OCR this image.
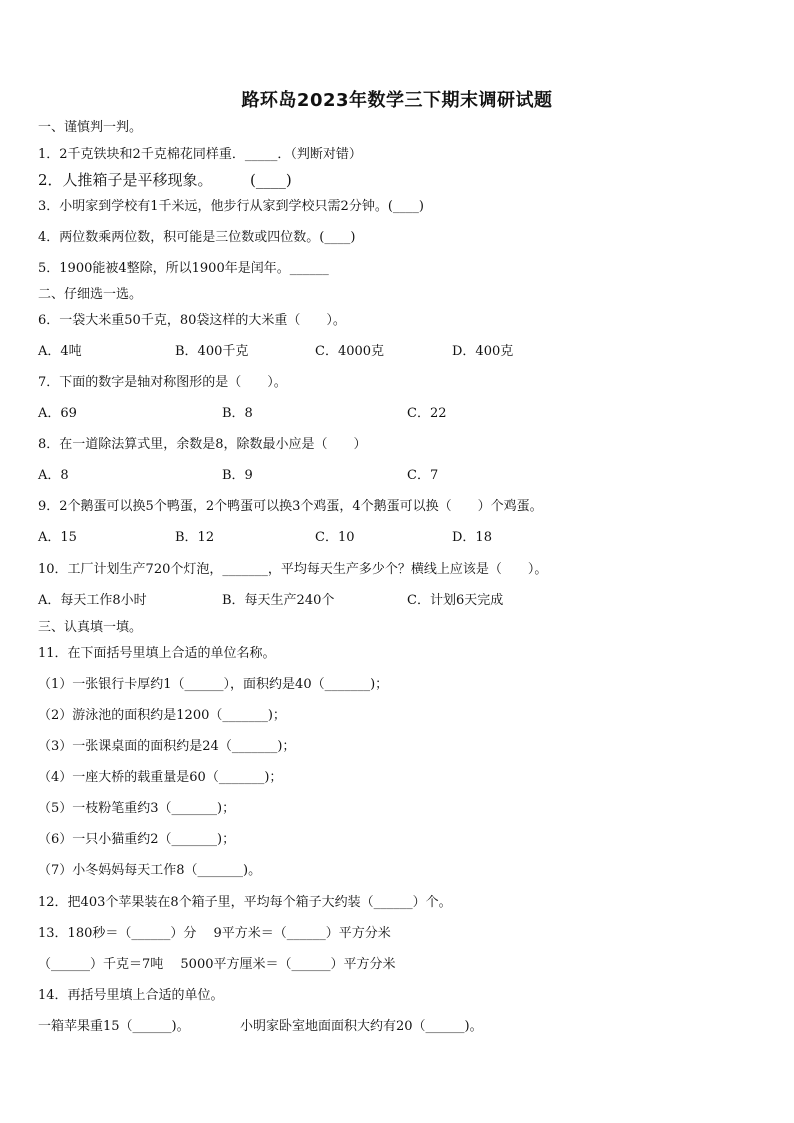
路环岛2023年数学三下期末调研试题
一、谨慎判一判。
1．2千克铁块和2千克棉花同样重．_____．（判断对错）
2．人推箱子是平移现象。　　　(____)
3．小明家到学校有1千米远，他步行从家到学校只需2分钟。(____)
4．两位数乘两位数，积可能是三位数或四位数。(____)
5．1900能被4整除，所以1900年是闰年。______
二、仔细选一选。
6．一袋大米重50千克，80袋这样的大米重（　　）。
A．4吨	B．400千克	C．4000克	D．400克
7．下面的数字是轴对称图形的是（　　）。
A．69	B．8	C．22
8．在一道除法算式里，余数是8，除数最小应是（　　）
A．8	B．9	C．7
9．2个鹅蛋可以换5个鸭蛋，2个鸭蛋可以换3个鸡蛋，4个鹅蛋可以换（　　）个鸡蛋。
A．15	B．12	C．10	D．18
10．工厂计划生产720个灯泡，_______，平均每天生产多少个？横线上应该是（　　）。
A．每天工作8小时	B．每天生产240个	C．计划6天完成
三、认真填一填。
11．在下面括号里填上合适的单位名称。
（1）一张银行卡厚约1（______），面积约是40（_______)；
（2）游泳池的面积约是1200（_______)；
（3）一张课桌面的面积约是24（_______)；
（4）一座大桥的载重量是60（_______)；
（5）一枝粉笔重约3（_______)；
（6）一只小猫重约2（_______)；
（7）小冬妈妈每天工作8（_______)。
12．把403个苹果装在8个箱子里，平均每个箱子大约装（______）个。
13．180秒＝（______）分　 9平方米＝（______）平方分米
（______）千克＝7吨　 5000平方厘米＝（______）平方分米
14．再括号里填上合适的单位。
一箱苹果重15（______)。	小明家卧室地面面积大约有20（______)。
